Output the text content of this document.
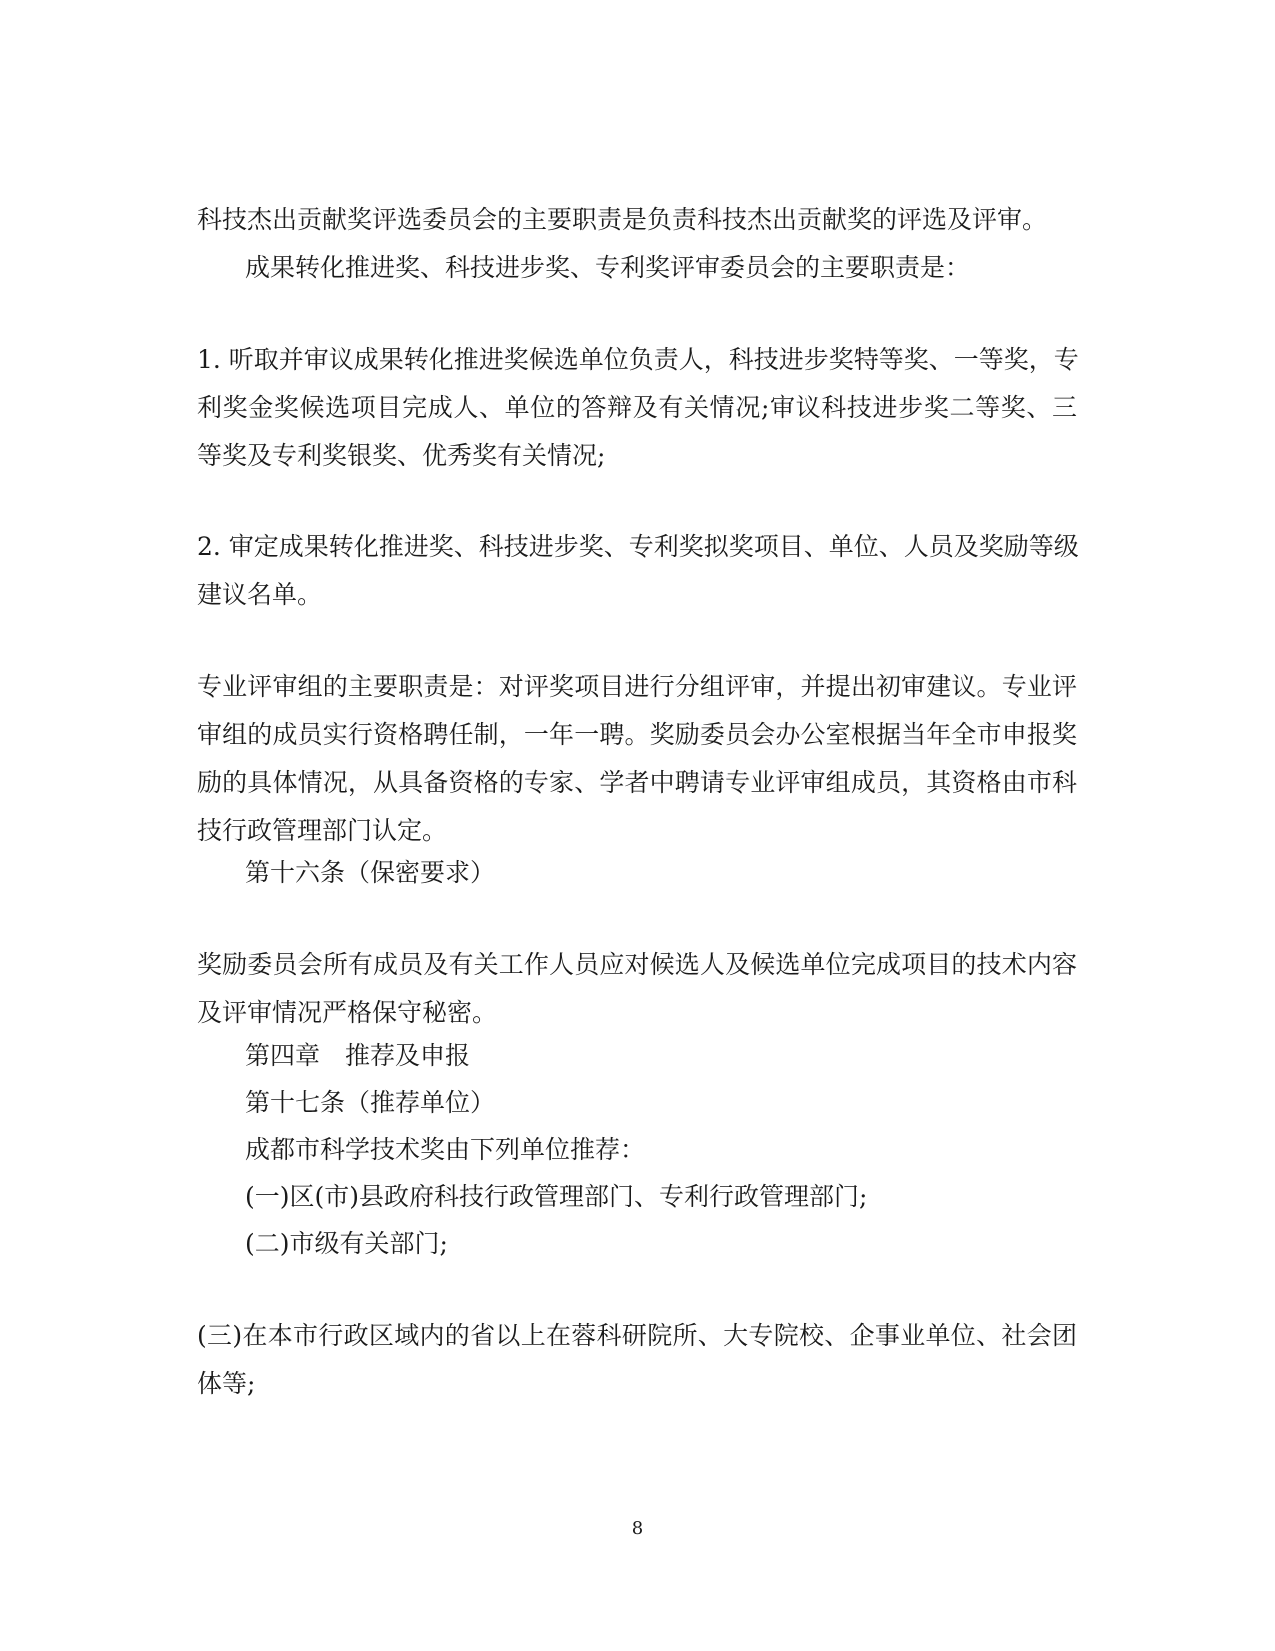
科技杰出贡献奖评选委员会的主要职责是负责科技杰出贡献奖的评选及评审。
成果转化推进奖、科技进步奖、专利奖评审委员会的主要职责是：
1. 听取并审议成果转化推进奖候选单位负责人，科技进步奖特等奖、一等奖，专
利奖金奖候选项目完成人、单位的答辩及有关情况;审议科技进步奖二等奖、三
等奖及专利奖银奖、优秀奖有关情况;
2. 审定成果转化推进奖、科技进步奖、专利奖拟奖项目、单位、人员及奖励等级
建议名单。
专业评审组的主要职责是：对评奖项目进行分组评审，并提出初审建议。专业评
审组的成员实行资格聘任制，一年一聘。奖励委员会办公室根据当年全市申报奖
励的具体情况，从具备资格的专家、学者中聘请专业评审组成员，其资格由市科
技行政管理部门认定。
第十六条（保密要求）
奖励委员会所有成员及有关工作人员应对候选人及候选单位完成项目的技术内容
及评审情况严格保守秘密。
第四章　推荐及申报
第十七条（推荐单位）
成都市科学技术奖由下列单位推荐：
(一)区(市)县政府科技行政管理部门、专利行政管理部门;
(二)市级有关部门;
(三)在本市行政区域内的省以上在蓉科研院所、大专院校、企事业单位、社会团
体等;
8
